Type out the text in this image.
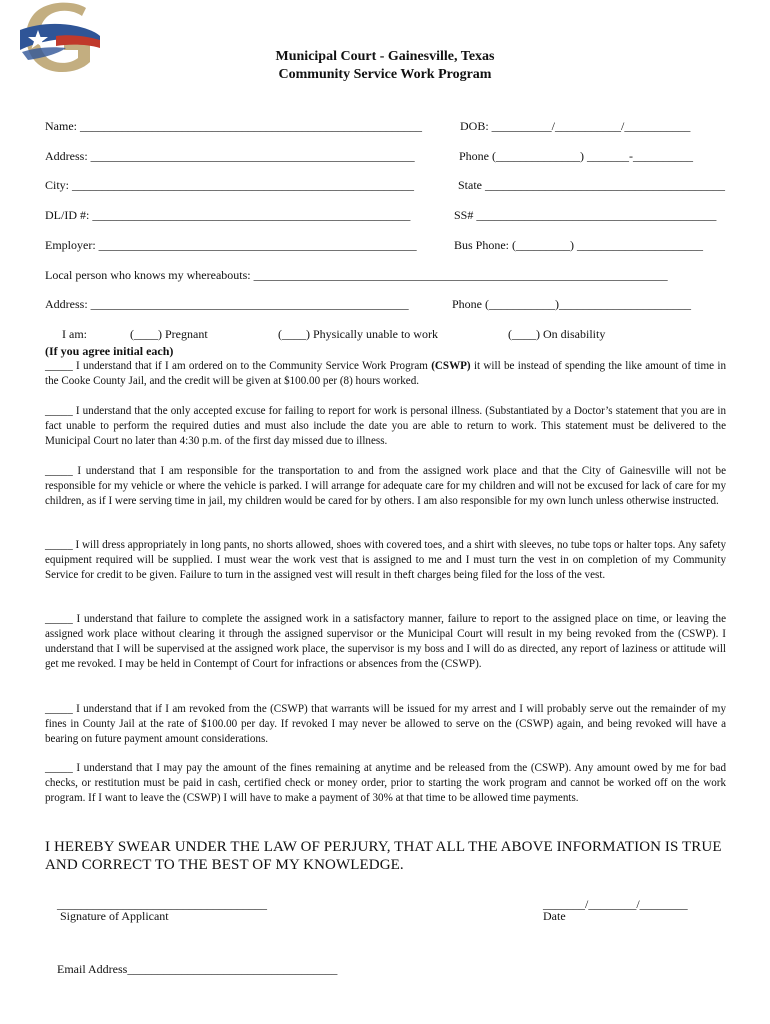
Municipal Court - Gainesville, Texas
Community Service Work Program
Name: _________________________________________________________	DOB: __________/___________/___________
Address: ______________________________________________________	Phone (______________) _______-__________
City: _________________________________________________________	State ________________________________________
DL/ID #: _____________________________________________________	SS# ________________________________________
Employer: _____________________________________________________	Bus Phone: (_________) _____________________
Local person who knows my whereabouts: _____________________________________________________________________
Address: _____________________________________________________	Phone (___________)______________________
I am:	(____) Pregnant	(____) Physically unable to work	(____) On disability
(If you agree initial each)
_____ I understand that if I am ordered on to the Community Service Work Program (CSWP) it will be instead of spending the like amount of time in the Cooke County Jail, and the credit will be given at $100.00 per (8) hours worked.
_____ I understand that the only accepted excuse for failing to report for work is personal illness. (Substantiated by a Doctor’s statement that you are in fact unable to perform the required duties and must also include the date you are able to return to work. This statement must be delivered to the Municipal Court no later than 4:30 p.m. of the first day missed due to illness.
_____ I understand that I am responsible for the transportation to and from the assigned work place and that the City of Gainesville will not be responsible for my vehicle or where the vehicle is parked. I will arrange for adequate care for my children and will not be excused for lack of care for my children, as if I were serving time in jail, my children would be cared for by others. I am also responsible for my own lunch unless otherwise instructed.
_____ I will dress appropriately in long pants, no shorts allowed, shoes with covered toes, and a shirt with sleeves, no tube tops or halter tops. Any safety equipment required will be supplied. I must wear the work vest that is assigned to me and I must turn the vest in on completion of my Community Service for credit to be given. Failure to turn in the assigned vest will result in theft charges being filed for the loss of the vest.
_____ I understand that failure to complete the assigned work in a satisfactory manner, failure to report to the assigned place on time, or leaving the assigned work place without clearing it through the assigned supervisor or the Municipal Court will result in my being revoked from the (CSWP). I understand that I will be supervised at the assigned work place, the supervisor is my boss and I will do as directed, any report of laziness or attitude will get me revoked. I may be held in Contempt of Court for infractions or absences from the (CSWP).
_____ I understand that if I am revoked from the (CSWP) that warrants will be issued for my arrest and I will probably serve out the remainder of my fines in County Jail at the rate of $100.00 per day. If revoked I may never be allowed to serve on the (CSWP) again, and being revoked will have a bearing on future payment amount considerations.
_____ I understand that I may pay the amount of the fines remaining at anytime and be released from the (CSWP). Any amount owed by me for bad checks, or restitution must be paid in cash, certified check or money order, prior to starting the work program and cannot be worked off on the work program. If I want to leave the (CSWP) I will have to make a payment of 30% at that time to be allowed time payments.
I HEREBY SWEAR UNDER THE LAW OF PERJURY, THAT ALL THE ABOVE INFORMATION IS TRUE AND CORRECT TO THE BEST OF MY KNOWLEDGE.
___________________________________
Signature of Applicant
_______/________/________
Date
Email Address___________________________________
